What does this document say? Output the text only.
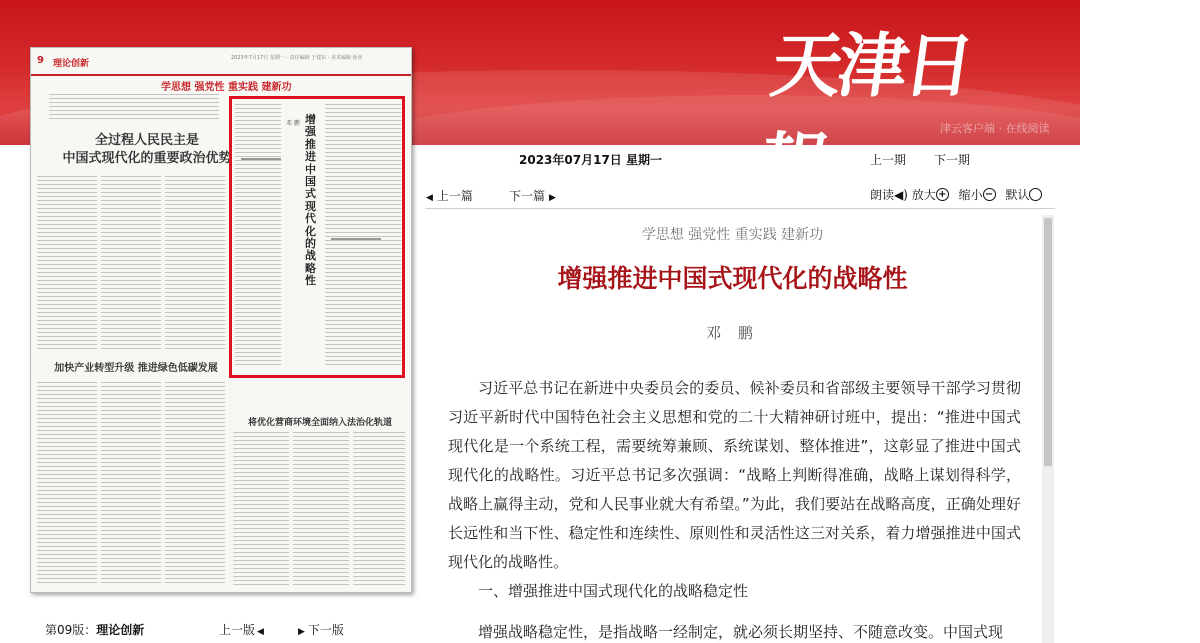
天津日報	津云客户端 · 在线阅读
9 理论创新
2023年7月17日 星期一 · 责任编辑 于建东 · 美术编辑 孙亚
学思想 强党性 重实践 建新功
全过程人民民主是
中国式现代化的重要政治优势
增强推进中国式现代化的战略性
邓 鹏
加快产业转型升级 推进绿色低碳发展
将优化营商环境全面纳入法治化轨道
第09版：理论创新	上一版 ◀	▶ 下一版
2023年07月17日 星期一	上一期 下一期
◀ 上一篇	下一篇 ▶	朗读◀) 放大 + 缩小 − 默认
学思想 强党性 重实践 建新功
增强推进中国式现代化的战略性
邓 鹏

习近平总书记在新进中央委员会的委员、候补委员和省部级主要领导干部学习贯彻习近平新时代中国特色社会主义思想和党的二十大精神研讨班中，提出：“推进中国式现代化是一个系统工程，需要统筹兼顾、系统谋划、整体推进”，这彰显了推进中国式现代化的战略性。习近平总书记多次强调：“战略上判断得准确，战略上谋划得科学，战略上赢得主动，党和人民事业就大有希望。”为此，我们要站在战略高度，正确处理好长远性和当下性、稳定性和连续性、原则性和灵活性这三对关系，着力增强推进中国式现代化的战略性。

一、增强推进中国式现代化的战略稳定性
增强战略稳定性，是指战略一经制定，就必须长期坚持、不随意改变。中国式现
